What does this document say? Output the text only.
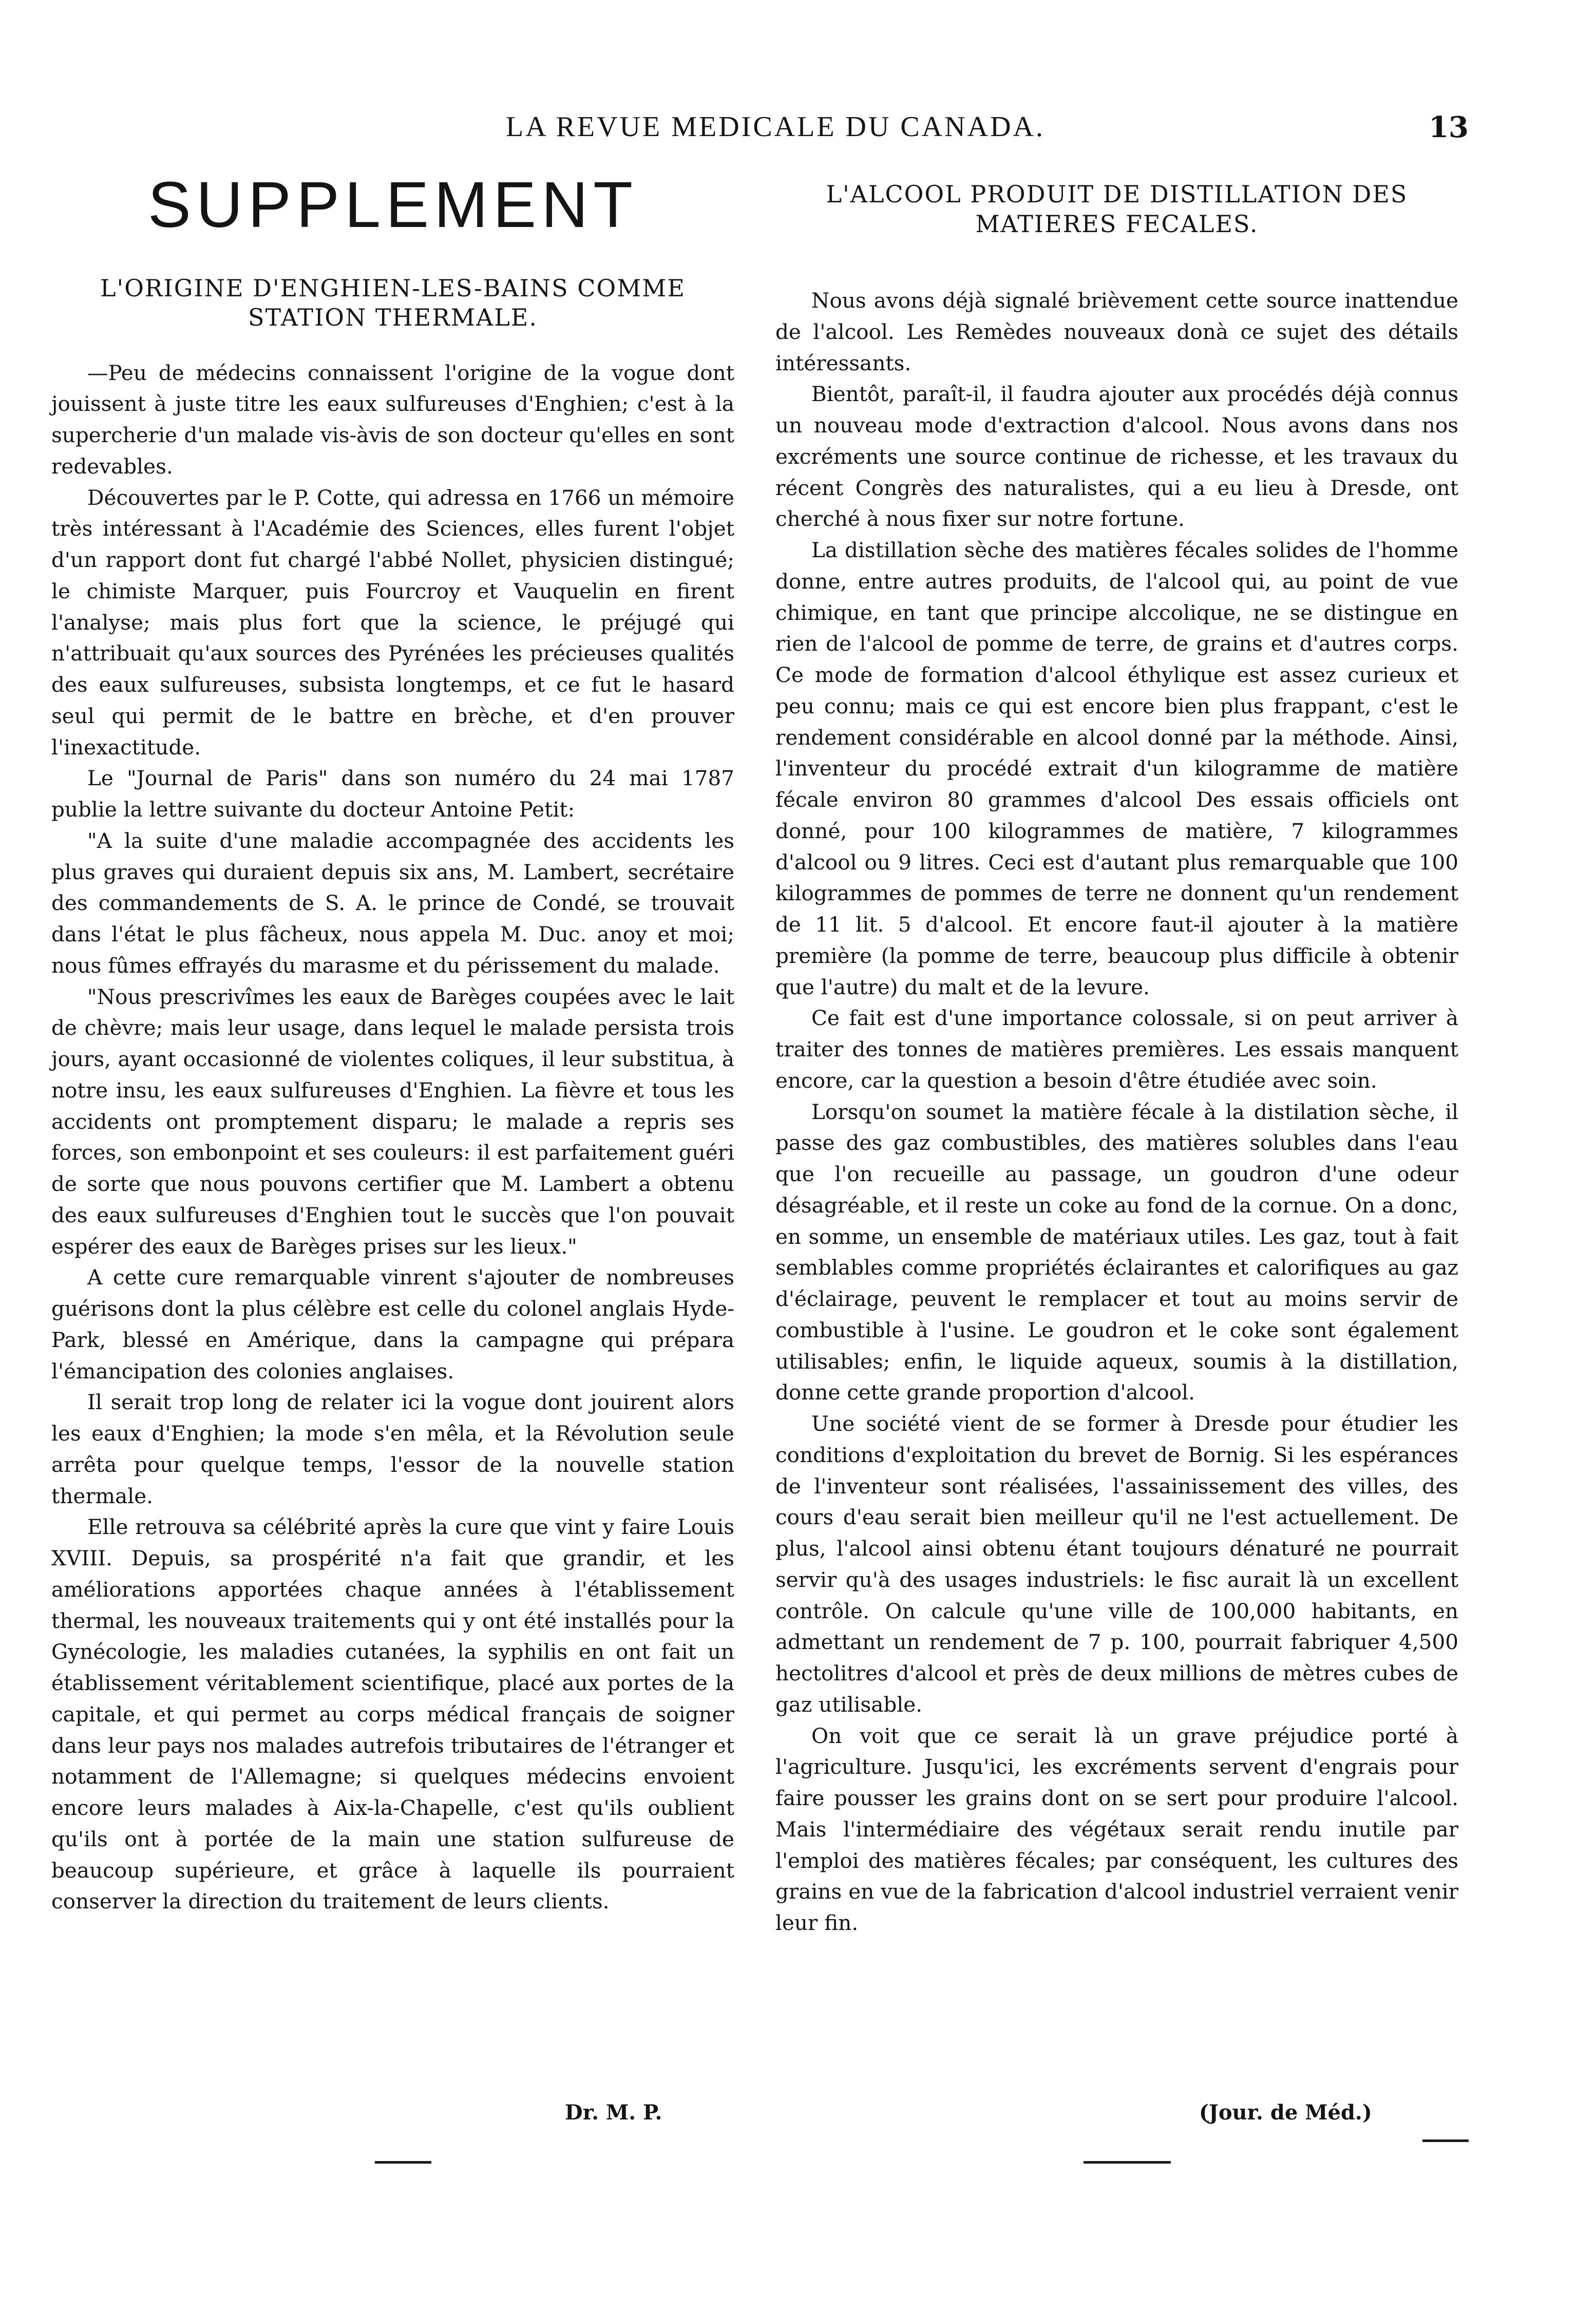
LA REVUE MEDICALE DU CANADA.	13
SUPPLEMENT
L'ORIGINE D'ENGHIEN-LES-BAINS COMME STATION THERMALE.

—Peu de médecins connaissent l'origine de la vogue dont jouissent à juste titre les eaux sulfureuses d'Enghien; c'est à la supercherie d'un malade vis-àvis de son docteur qu'elles en sont redevables.

Découvertes par le P. Cotte, qui adressa en 1766 un mémoire très intéressant à l'Académie des Sciences, elles furent l'objet d'un rapport dont fut chargé l'abbé Nollet, physicien distingué; le chimiste Marquer, puis Fourcroy et Vauquelin en firent l'analyse; mais plus fort que la science, le préjugé qui n'attribuait qu'aux sources des Pyrénées les précieuses qualités des eaux sulfureuses, subsista longtemps, et ce fut le hasard seul qui permit de le battre en brèche, et d'en prouver l'inexactitude.

Le "Journal de Paris" dans son numéro du 24 mai 1787 publie la lettre suivante du docteur Antoine Petit:

"A la suite d'une maladie accompagnée des accidents les plus graves qui duraient depuis six ans, M. Lambert, secrétaire des commandements de S. A. le prince de Condé, se trouvait dans l'état le plus fâcheux, nous appela M. Duc. anoy et moi; nous fûmes effrayés du marasme et du périssement du malade.

"Nous prescrivîmes les eaux de Barèges coupées avec le lait de chèvre; mais leur usage, dans lequel le malade persista trois jours, ayant occasionné de violentes coliques, il leur substitua, à notre insu, les eaux sulfureuses d'Enghien. La fièvre et tous les accidents ont promptement disparu; le malade a repris ses forces, son embonpoint et ses couleurs: il est parfaitement guéri de sorte que nous pouvons certifier que M. Lambert a obtenu des eaux sulfureuses d'Enghien tout le succès que l'on pouvait espérer des eaux de Barèges prises sur les lieux."

A cette cure remarquable vinrent s'ajouter de nombreuses guérisons dont la plus célèbre est celle du colonel anglais Hyde-Park, blessé en Amérique, dans la campagne qui prépara l'émancipation des colonies anglaises.

Il serait trop long de relater ici la vogue dont jouirent alors les eaux d'Enghien; la mode s'en mêla, et la Révolution seule arrêta pour quelque temps, l'essor de la nouvelle station thermale.

Elle retrouva sa célébrité après la cure que vint y faire Louis XVIII. Depuis, sa prospérité n'a fait que grandir, et les améliorations apportées chaque années à l'établissement thermal, les nouveaux traitements qui y ont été installés pour la Gynécologie, les maladies cutanées, la syphilis en ont fait un établissement véritablement scientifique, placé aux portes de la capitale, et qui permet au corps médical français de soigner dans leur pays nos malades autrefois tributaires de l'étranger et notamment de l'Allemagne; si quelques médecins envoient encore leurs malades à Aix-la-Chapelle, c'est qu'ils oublient qu'ils ont à portée de la main une station sulfureuse de beaucoup supérieure, et grâce à laquelle ils pourraient conserver la direction du traitement de leurs clients.

L'ALCOOL PRODUIT DE DISTILLATION DES MATIERES FECALES.

Nous avons déjà signalé brièvement cette source inattendue de l'alcool. Les Remèdes nouveaux donà ce sujet des détails intéressants.

Bientôt, paraît-il, il faudra ajouter aux procédés déjà connus un nouveau mode d'extraction d'alcool. Nous avons dans nos excréments une source continue de richesse, et les travaux du récent Congrès des naturalistes, qui a eu lieu à Dresde, ont cherché à nous fixer sur notre fortune.

La distillation sèche des matières fécales solides de l'homme donne, entre autres produits, de l'alcool qui, au point de vue chimique, en tant que principe alccolique, ne se distingue en rien de l'alcool de pomme de terre, de grains et d'autres corps. Ce mode de formation d'alcool éthylique est assez curieux et peu connu; mais ce qui est encore bien plus frappant, c'est le rendement considérable en alcool donné par la méthode. Ainsi, l'inventeur du procédé extrait d'un kilogramme de matière fécale environ 80 grammes d'alcool Des essais officiels ont donné, pour 100 kilogrammes de matière, 7 kilogrammes d'alcool ou 9 litres. Ceci est d'autant plus remarquable que 100 kilogrammes de pommes de terre ne donnent qu'un rendement de 11 lit. 5 d'alcool. Et encore faut-il ajouter à la matière première (la pomme de terre, beaucoup plus difficile à obtenir que l'autre) du malt et de la levure.

Ce fait est d'une importance colossale, si on peut arriver à traiter des tonnes de matières premières. Les essais manquent encore, car la question a besoin d'être étudiée avec soin.

Lorsqu'on soumet la matière fécale à la distilation sèche, il passe des gaz combustibles, des matières solubles dans l'eau que l'on recueille au passage, un goudron d'une odeur désagréable, et il reste un coke au fond de la cornue. On a donc, en somme, un ensemble de matériaux utiles. Les gaz, tout à fait semblables comme propriétés éclairantes et calorifiques au gaz d'éclairage, peuvent le remplacer et tout au moins servir de combustible à l'usine. Le goudron et le coke sont également utilisables; enfin, le liquide aqueux, soumis à la distillation, donne cette grande proportion d'alcool.

Une société vient de se former à Dresde pour étudier les conditions d'exploitation du brevet de Bornig. Si les espérances de l'inventeur sont réalisées, l'assainissement des villes, des cours d'eau serait bien meilleur qu'il ne l'est actuellement. De plus, l'alcool ainsi obtenu étant toujours dénaturé ne pourrait servir qu'à des usages industriels: le fisc aurait là un excellent contrôle. On calcule qu'une ville de 100,000 habitants, en admettant un rendement de 7 p. 100, pourrait fabriquer 4,500 hectolitres d'alcool et près de deux millions de mètres cubes de gaz utilisable.

On voit que ce serait là un grave préjudice porté à l'agriculture. Jusqu'ici, les excréments servent d'engrais pour faire pousser les grains dont on se sert pour produire l'alcool. Mais l'intermédiaire des végétaux serait rendu inutile par l'emploi des matières fécales; par conséquent, les cultures des grains en vue de la fabrication d'alcool industriel verraient venir leur fin.

Dr. M. P.	(Jour. de Méd.)
